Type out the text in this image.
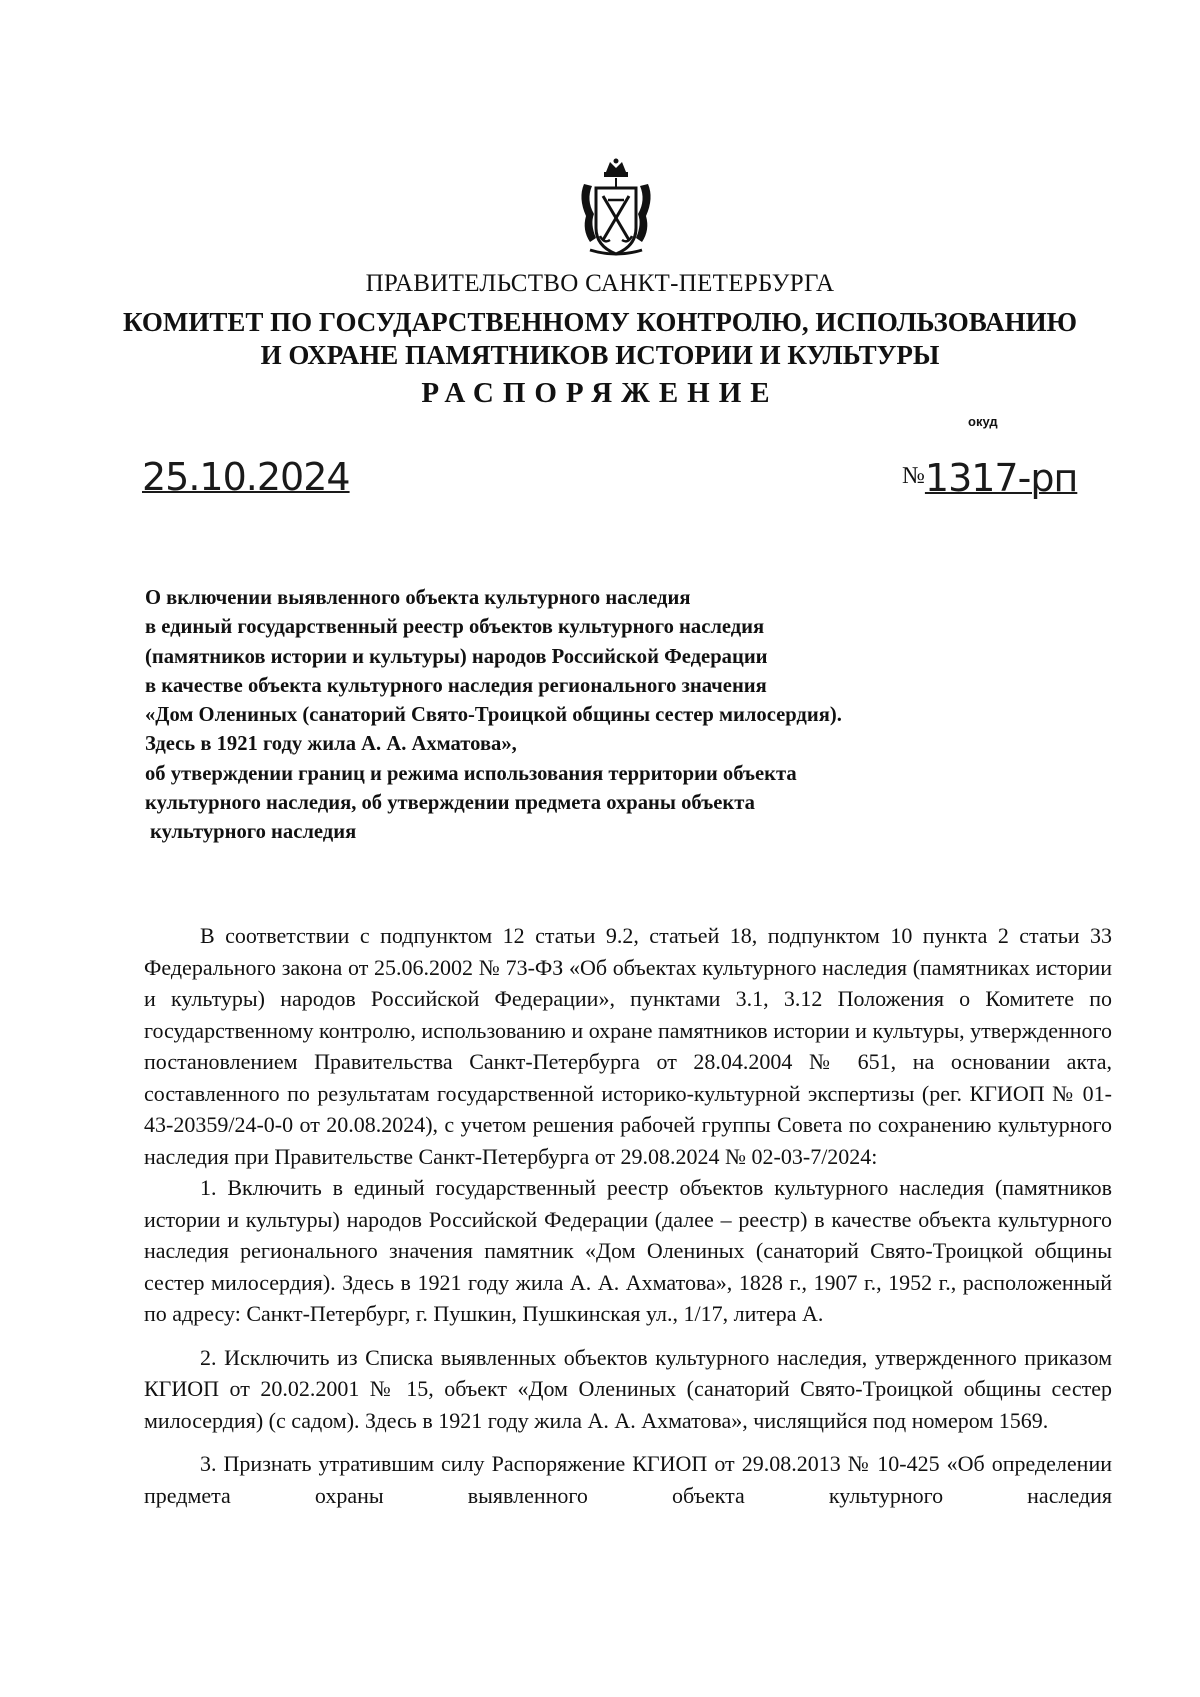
ПРАВИТЕЛЬСТВО САНКТ-ПЕТЕРБУРГА
КОМИТЕТ ПО ГОСУДАРСТВЕННОМУ КОНТРОЛЮ, ИСПОЛЬЗОВАНИЮ
И ОХРАНЕ ПАМЯТНИКОВ ИСТОРИИ И КУЛЬТУРЫ
РАСПОРЯЖЕНИЕ
окуд
25.10.2024	№1317-рп
О включении выявленного объекта культурного наследия
в единый государственный реестр объектов культурного наследия
(памятников истории и культуры) народов Российской Федерации
в качестве объекта культурного наследия регионального значения
«Дом Олениных (санаторий Свято-Троицкой общины сестер милосердия).
Здесь в 1921 году жила А. А. Ахматова»,
об утверждении границ и режима использования территории объекта
культурного наследия, об утверждении предмета охраны объекта
культурного наследия

В соответствии с подпунктом 12 статьи 9.2, статьей 18, подпунктом 10 пункта 2 статьи 33 Федерального закона от 25.06.2002 № 73-ФЗ «Об объектах культурного наследия (памятниках истории и культуры) народов Российской Федерации», пунктами 3.1, 3.12 Положения о Комитете по государственному контролю, использованию и охране памятников истории и культуры, утвержденного постановлением Правительства Санкт-Петербурга от 28.04.2004 № 651, на основании акта, составленного по результатам государственной историко-культурной экспертизы (рег. КГИОП № 01-43-20359/24-0-0 от 20.08.2024), с учетом решения рабочей группы Совета по сохранению культурного наследия при Правительстве Санкт-Петербурга от 29.08.2024 № 02-03-7/2024:

1. Включить в единый государственный реестр объектов культурного наследия (памятников истории и культуры) народов Российской Федерации (далее – реестр) в качестве объекта культурного наследия регионального значения памятник «Дом Олениных (санаторий Свято-Троицкой общины сестер милосердия). Здесь в 1921 году жила А. А. Ахматова», 1828 г., 1907 г., 1952 г., расположенный по адресу: Санкт-Петербург, г. Пушкин, Пушкинская ул., 1/17, литера А.

2. Исключить из Списка выявленных объектов культурного наследия, утвержденного приказом КГИОП от 20.02.2001 № 15, объект «Дом Олениных (санаторий Свято-Троицкой общины сестер милосердия) (с садом). Здесь в 1921 году жила А. А. Ахматова», числящийся под номером 1569.

3. Признать утратившим силу Распоряжение КГИОП от 29.08.2013 № 10-425 «Об определении предмета охраны выявленного объекта культурного наследия
